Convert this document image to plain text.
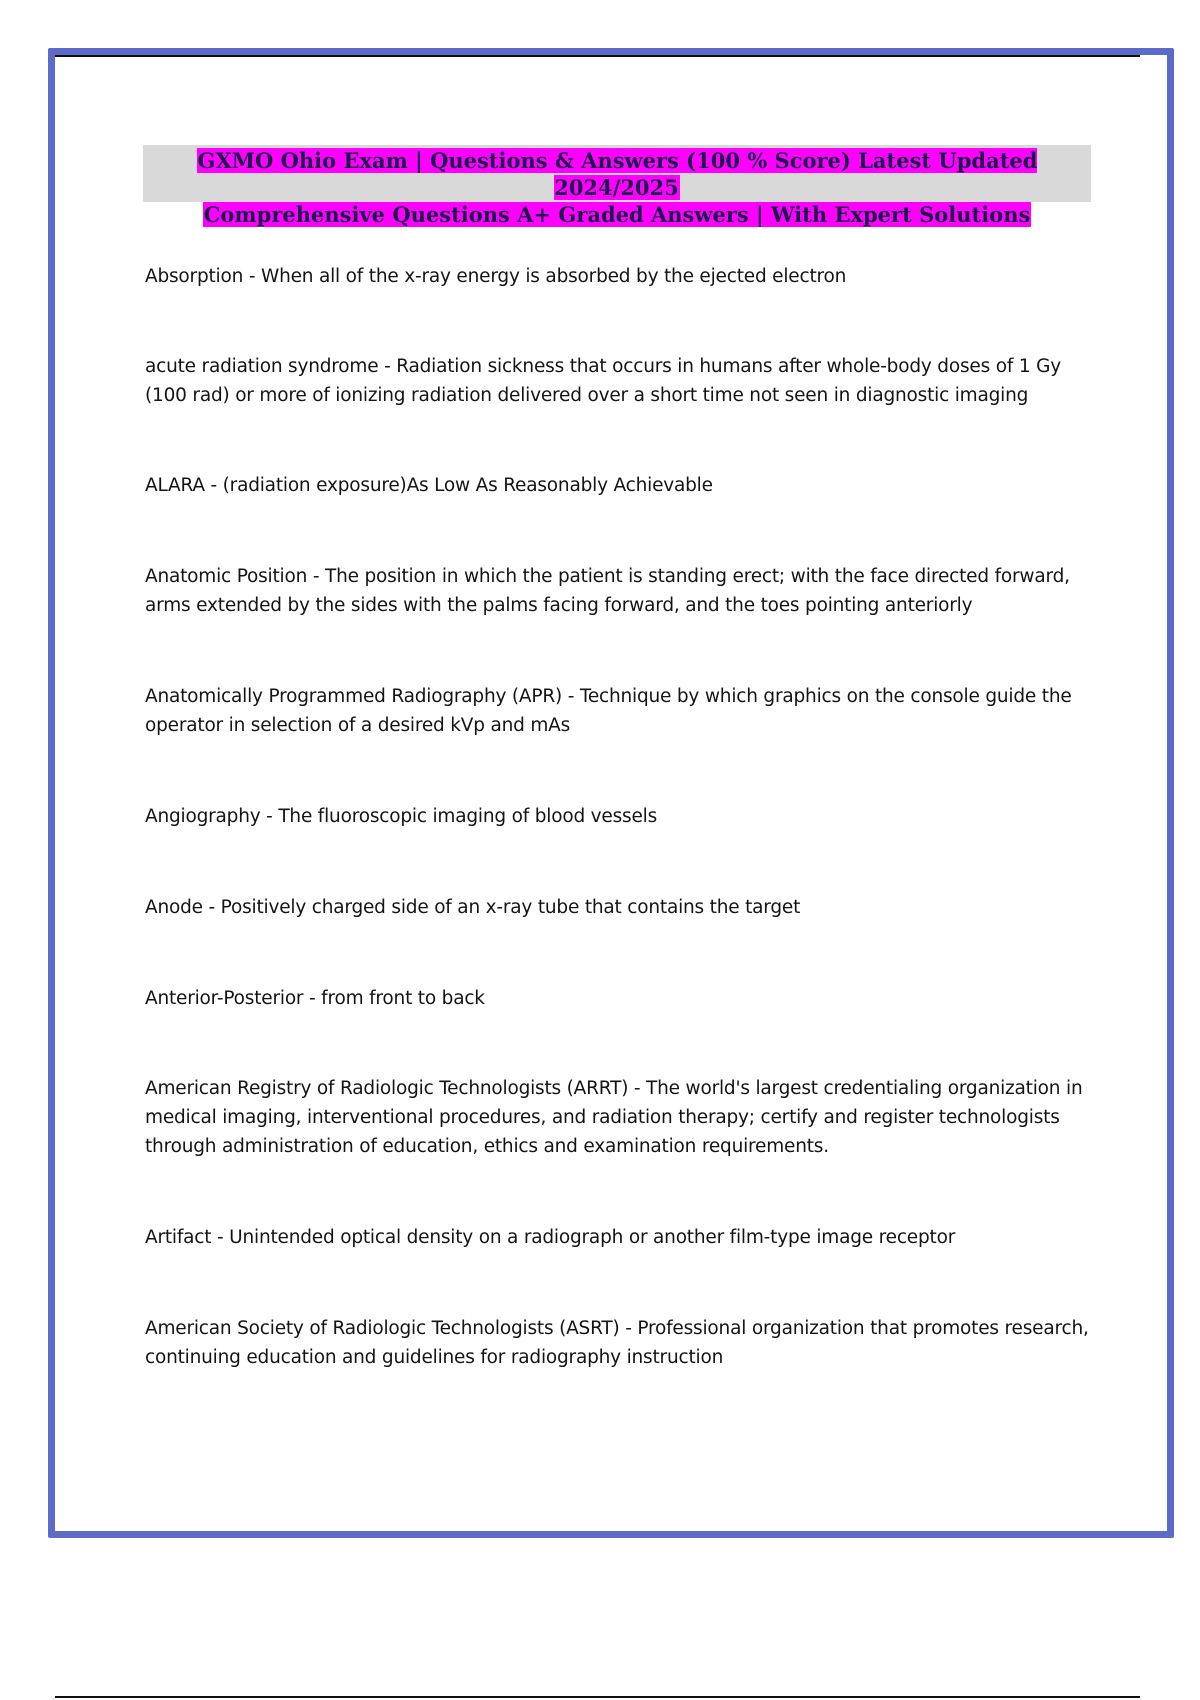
GXMO Ohio Exam | Questions & Answers (100 % Score) Latest Updated 2024/2025
Comprehensive Questions A+ Graded Answers | With Expert Solutions
Absorption - When all of the x-ray energy is absorbed by the ejected electron
acute radiation syndrome - Radiation sickness that occurs in humans after whole-body doses of 1 Gy (100 rad) or more of ionizing radiation delivered over a short time not seen in diagnostic imaging
ALARA - (radiation exposure)As Low As Reasonably Achievable
Anatomic Position - The position in which the patient is standing erect; with the face directed forward, arms extended by the sides with the palms facing forward, and the toes pointing anteriorly
Anatomically Programmed Radiography (APR) - Technique by which graphics on the console guide the operator in selection of a desired kVp and mAs
Angiography - The fluoroscopic imaging of blood vessels
Anode - Positively charged side of an x-ray tube that contains the target
Anterior-Posterior - from front to back
American Registry of Radiologic Technologists (ARRT) - The world's largest credentialing organization in medical imaging, interventional procedures, and radiation therapy; certify and register technologists through administration of education, ethics and examination requirements.
Artifact - Unintended optical density on a radiograph or another film-type image receptor
American Society of Radiologic Technologists (ASRT) - Professional organization that promotes research, continuing education and guidelines for radiography instruction
